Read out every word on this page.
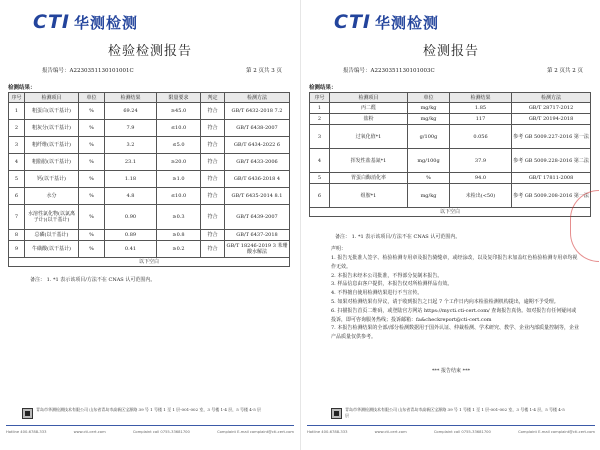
CTI 华测检测
检验检测报告
报告编号：A2230351130101001C	第 2 页共 3 页
检测结果：
序号	检测项目	单位	检测结果	限量要求	判定	检测方法
1	粗蛋白(以干基计)	%	69.24	≥45.0	符合	GB/T 6432-2018 7.2
2	粗灰分(以干基计)	%	7.9	≤10.0	符合	GB/T 6438-2007
3	粗纤维(以干基计)	%	3.2	≤5.0	符合	GB/T 6434-2022 6
4	粗脂肪(以干基计)	%	23.1	≥20.0	符合	GB/T 6433-2006
5	钙(以干基计)	%	1.18	≥1.0	符合	GB/T 6436-2018 4
6	水分	%	4.8	≤10.0	符合	GB/T 6435-2014 8.1
7	水溶性氯化物(以氯离子计)(以干基计)	%	0.90	≥0.3	符合	GB/T 6439-2007
8	总磷(以干基计)	%	0.89	≥0.8	符合	GB/T 6437-2018
9	牛磺酸(以干基计)	%	0.41	≥0.2	符合	GB/T 18246-2019 3 苯珊酸水解法
以下空白						
备注： 1. *1 表示该项目/方法不在 CNAS 认可范围内。
青岛市华测检测技术有限公司 山东省青岛市高新区宝源路 39 号 1 号楼 1 至 1 层-001-002 室，3 号楼 1-4 层，5 号楼 4-5 层
Hotline 400-6788-333	www.cti-cert.com	Complaint call 0755-33681700	Complaint E-mail complaint@cti-cert.com
CTI 华测检测
检测报告
报告编号：A2230351130101003C	第 2 页共 2 页
检测结果：
序号	检测项目	单位	检测结果	检测方法
1	丙二醛	mg/kg	1.85	GB/T 28717-2012
2	盐粉	mg/kg	117	GB/T 20194-2018
3	过氧化值*1	g/100g	0.056	参考 GB 5009.227-2016 第一法
4	挥发性盐基氮*1	mg/100g	37.9	参考 GB 5009.228-2016 第二法
5	胃蛋白酶消化率	%	94.0	GB/T 17811-2008
6	组胺*1	mg/kg	未检出(<50)	参考 GB 5009.208-2016 第一法
以下空白				
备注： 1. *1 表示该项目/方法不在 CNAS 认可范围内。
声明：

1. 报告无批准人签字、检验检测专用章及报告骑缝章，或经涂改，以及复印报告未加盖红色检验检测专用章均视作无效。

2. 本报告未经本公司批准，不得部分复制本报告。

3. 样品信息由客户提供，本报告仅对所检测样品有效。

4. 不得擅自使用检测结果进行不当宣传。

5. 如果对检测结果有异议，请于收到报告之日起 7 个工作日内向本检验检测机构提出，逾期不予受理。

6. 扫描报告首页二维码，或登陆官方网站 https://mycti.cti-cert.com/ 查询报告真伪。如对报告有任何疑问或投诉，即可咨询服务热线；投诉邮箱：fa&checkreport@cti-cert.com

7. 本报告检测结果的全部/部分检测数据用于国外认证、仲裁检测、学术研究、教学、企业内部质量控制等，企业产品质量仅供参考。

*** 报告结束 ***
青岛市华测检测技术有限公司 山东省青岛市高新区宝源路 39 号 1 号楼 1 至 1 层-001-002 室，3 号楼 1-4 层，5 号楼 4-5 层
Hotline 400-6788-333	www.cti-cert.com	Complaint call 0755-33681700	Complaint E-mail complaint@cti-cert.com
